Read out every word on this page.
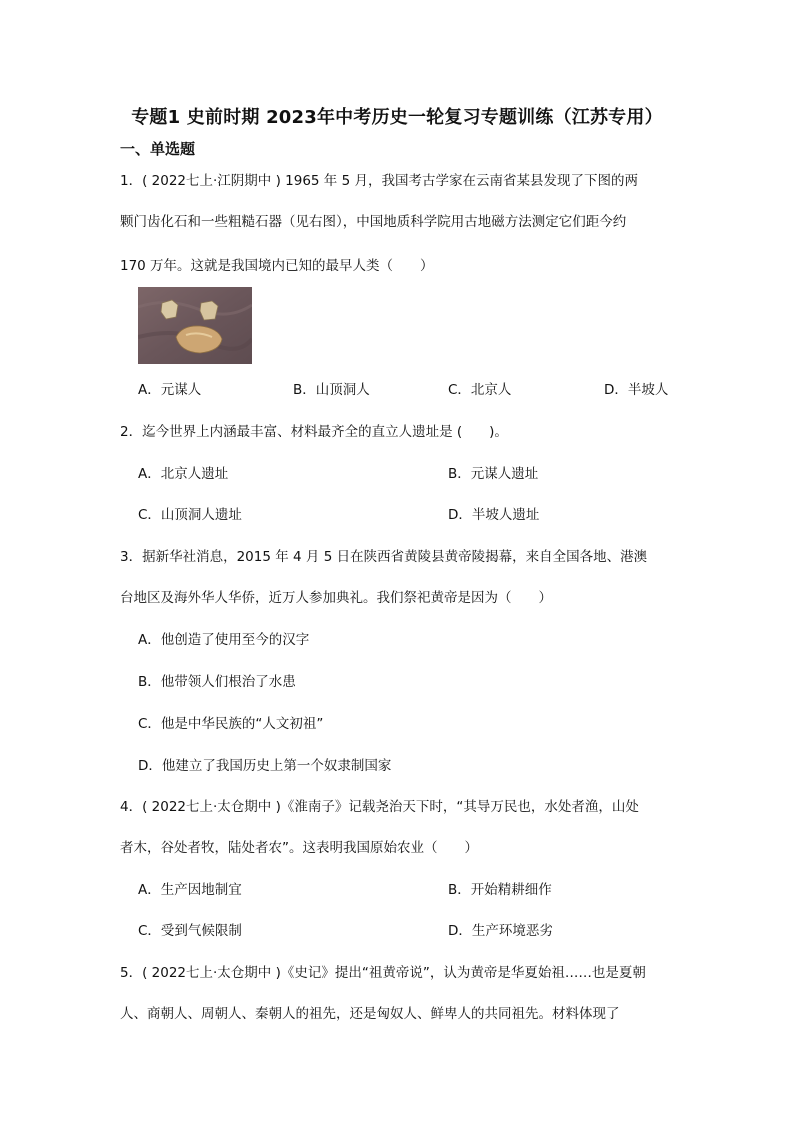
专题1 史前时期 2023年中考历史一轮复习专题训练（江苏专用）
一、单选题
1．( 2022七上·江阴期中 ) 1965 年 5 月，我国考古学家在云南省某县发现了下图的两
颗门齿化石和一些粗糙石器（见右图），中国地质科学院用古地磁方法测定它们距今约
170 万年。这就是我国境内已知的最早人类（　　）
A．元谋人	B．山顶洞人	C．北京人	D．半坡人
2．迄今世界上内涵最丰富、材料最齐全的直立人遗址是 (　　)。
A．北京人遗址	B．元谋人遗址
C．山顶洞人遗址	D．半坡人遗址
3．据新华社消息，2015 年 4 月 5 日在陕西省黄陵县黄帝陵揭幕，来自全国各地、港澳
台地区及海外华人华侨，近万人参加典礼。我们祭祀黄帝是因为（　　）
A．他创造了使用至今的汉字
B．他带领人们根治了水患
C．他是中华民族的“人文初祖”
D．他建立了我国历史上第一个奴隶制国家
4．( 2022七上·太仓期中 )《淮南子》记载尧治天下时，“其导万民也，水处者渔，山处
者木，谷处者牧，陆处者农”。这表明我国原始农业（　　）
A．生产因地制宜	B．开始精耕细作
C．受到气候限制	D．生产环境恶劣
5．( 2022七上·太仓期中 )《史记》提出“祖黄帝说”，认为黄帝是华夏始祖……也是夏朝
人、商朝人、周朝人、秦朝人的祖先，还是匈奴人、鲜卑人的共同祖先。材料体现了
